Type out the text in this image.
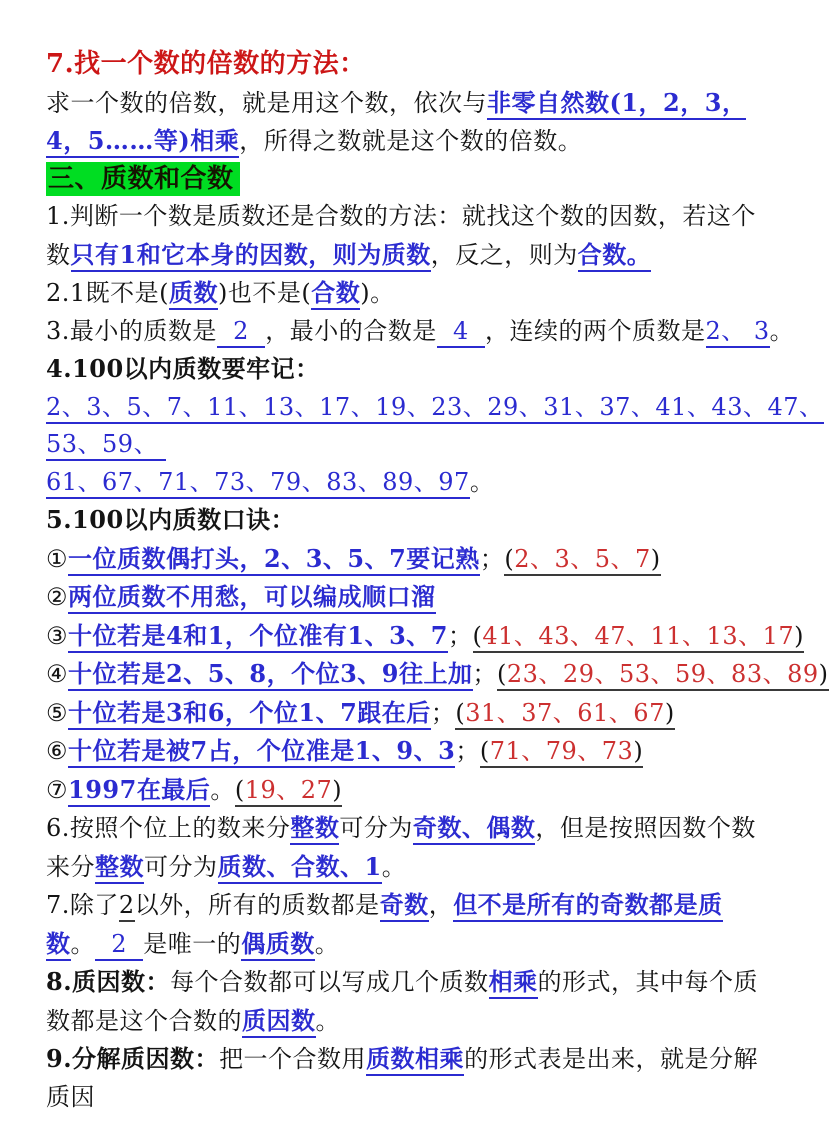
7.找一个数的倍数的方法：
求一个数的倍数，就是用这个数，依次与非零自然数(1，2，3，
4，5……等)相乘，所得之数就是这个数的倍数。
三、质数和合数
1.判断一个数是质数还是合数的方法：就找这个数的因数，若这个
数只有1和它本身的因数，则为质数，反之，则为合数。
2.1既不是(质数)也不是(合数)。
3.最小的质数是  2  ，最小的合数是  4  ，连续的两个质数是2、 3。
4.100以内质数要牢记：
2、3、5、7、11、13、17、19、23、29、31、37、41、43、47、
53、59、
61、67、71、73、79、83、89、97。
5.100以内质数口诀：
①一位质数偶打头，2、3、5、7要记熟；(2、3、5、7)
②两位质数不用愁，可以编成顺口溜
③十位若是4和1，个位准有1、3、7；(41、43、47、11、13、17)
④十位若是2、5、8，个位3、9往上加；(23、29、53、59、83、89)
⑤十位若是3和6，个位1、7跟在后；(31、37、61、67)
⑥十位若是被7占，个位准是1、9、3；(71、79、73)
⑦1997在最后。(19、27)
6.按照个位上的数来分整数可分为奇数、偶数，但是按照因数个数
来分整数可分为质数、合数、1。
7.除了2以外，所有的质数都是奇数，但不是所有的奇数都是质
数。  2  是唯一的偶质数。
8.质因数：每个合数都可以写成几个质数相乘的形式，其中每个质
数都是这个合数的质因数。
9.分解质因数：把一个合数用质数相乘的形式表是出来，就是分解
质因
